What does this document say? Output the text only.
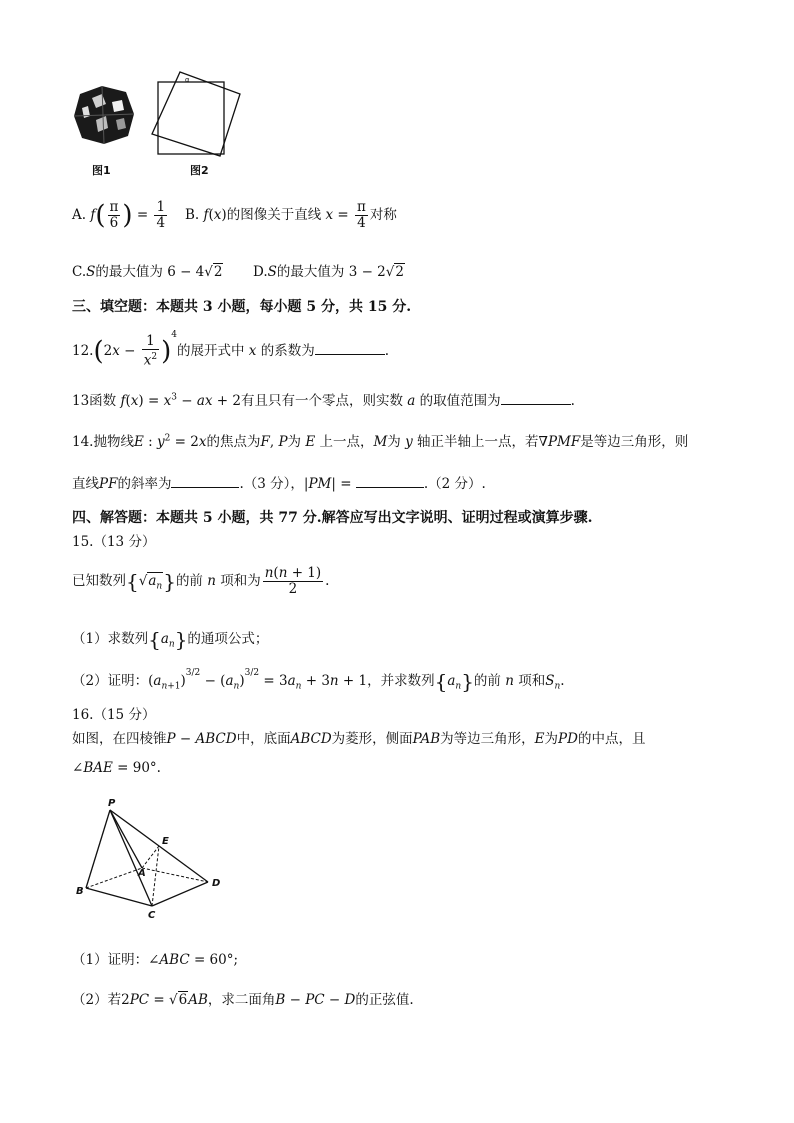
图1
α
图2
A. $f( \frac{\pi}{6}$ ) = $\frac{1}{4} B$. f(x)的图像关于直线 $x = \frac{\pi}{4}$ 对称
C.S的最大值为 6 − 4√2 D.S的最大值为 3 − 2√2
三、填空题：本题共 3 小题，每小题 5 分，共 15 分.
$12.(2x - \frac{1}{x^2} )^4$的展开式中 x 的系数为	.
13函数 $f(x) = x^3$ − ax + 2有且只有一个零点，则实数 a 的取值范围为	.
14.抛物线E : $y^2 = 2x$的焦点为F, P为 E 上一点，M为 y 轴正半轴上一点，若∇PMF是等边三角形，则
直线PF的斜率为	.（3 分），|PM| =	.（2 分）.
四、解答题：本题共 5 小题，共 77 分.解答应写出文字说明、证明过程或演算步骤.
15.（13 分）
已知数列$\{√a_n\}$的前 n 项和为 $\frac{n(n + 1)}{2}$ .
（1）求数列$\{a_n\}$的通项公式；
（2）证明：$(a_{n+1})^{3/2} - (a_n)^{3/2} = 3a_n + 3n + 1$，并求数列$\{a_n\}$的前 n 项和$S_n$.
16.（15 分）
如图，在四棱锥P − ABCD中，底面ABCD为菱形，侧面PAB为等边三角形，E为PD的中点，且
∠BAE = 90°.
P
E
A
B
C
D
（1）证明：∠ABC = 60°;
（2）若2PC = √6AB，求二面角B − PC − D的正弦值.
